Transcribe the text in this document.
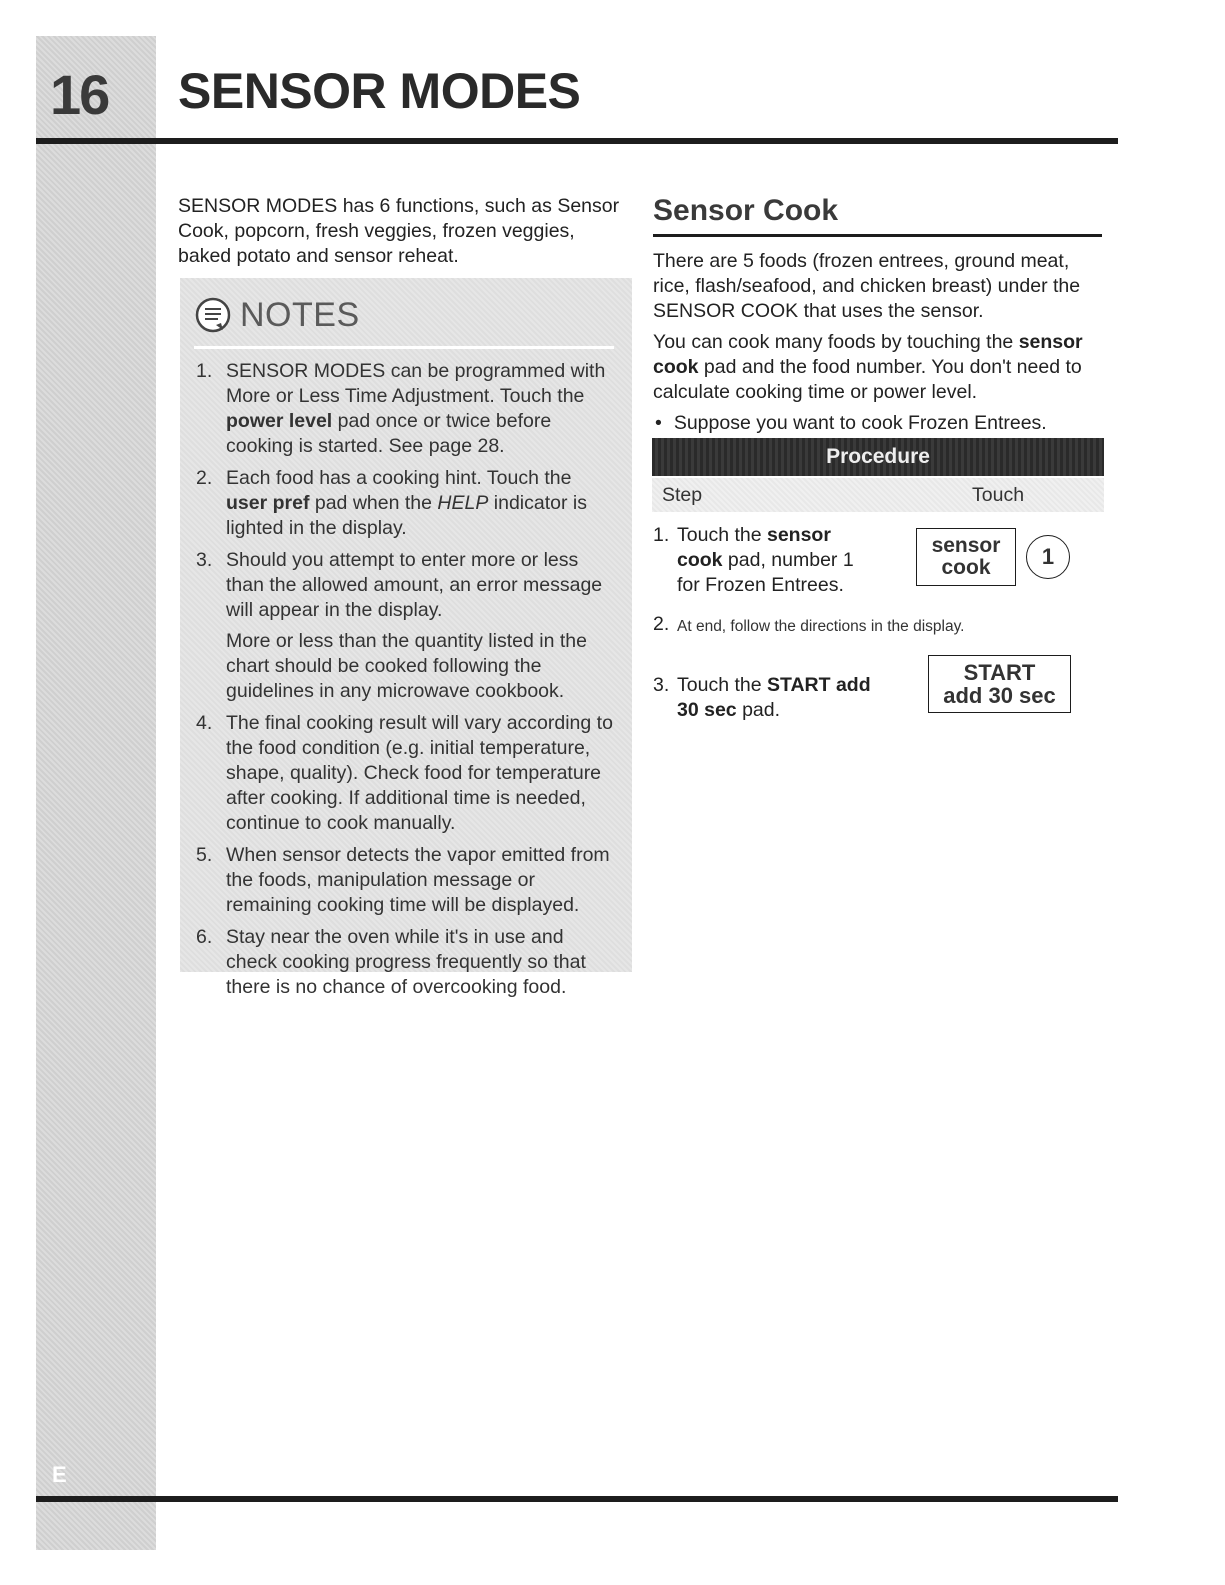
16
E
SENSOR MODES
SENSOR MODES has 6 functions, such as Sensor Cook, popcorn, fresh veggies, frozen veggies, baked potato and sensor reheat.
NOTES
1. SENSOR MODES can be programmed with More or Less Time Adjustment. Touch the power level pad once or twice before cooking is started. See page 28.

2. Each food has a cooking hint. Touch the user pref pad when the HELP indicator is lighted in the display.

3. Should you attempt to enter more or less than the allowed amount, an error message will appear in the display.

More or less than the quantity listed in the chart should be cooked following the guidelines in any microwave cookbook.

4. The final cooking result will vary according to the food condition (e.g. initial temperature, shape, quality). Check food for temperature after cooking. If additional time is needed, continue to cook manually.

5. When sensor detects the vapor emitted from the foods, manipulation message or remaining cooking time will be displayed.

6. Stay near the oven while it's in use and check cooking progress frequently so that there is no chance of overcooking food.

Sensor Cook

There are 5 foods (frozen entrees, ground meat, rice, flash/seafood, and chicken breast) under the SENSOR COOK that uses the sensor.

You can cook many foods by touching the sensor cook pad and the food number. You don't need to calculate cooking time or power level.

• Suppose you want to cook Frozen Entrees.
Procedure
Step	Touch
1. Touch the sensor cook pad, number 1 for Frozen Entrees.
sensor
cook 1
2. At end, follow the directions in the display.
3. Touch the START add 30 sec pad.
START
add 30 sec
